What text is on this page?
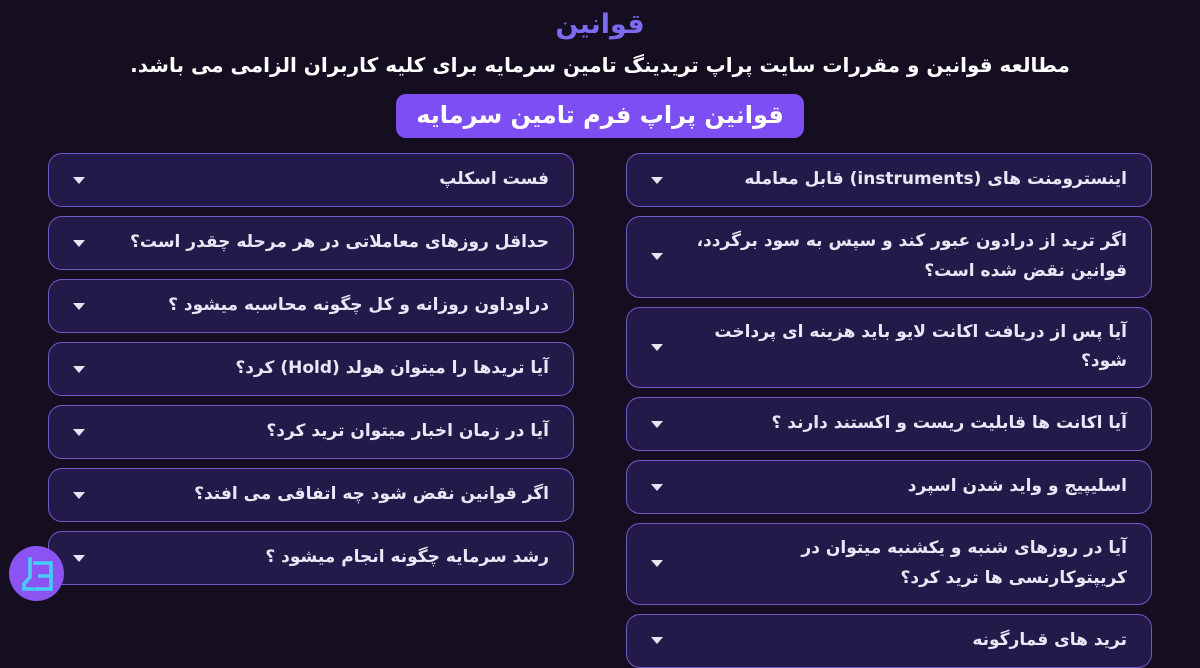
قوانین

مطالعه قوانین و مقررات سایت پراپ تریدینگ تامین سرمایه برای کلیه کاربران الزامی می باشد.

قوانین پراپ فرم تامین سرمایه
اینسترومنت های (instruments) قابل معامله
اگر ترید از درادون عبور کند و سپس به سود برگردد، قوانین نقض شده است؟
آیا پس از دریافت اکانت لایو باید هزینه ای پرداخت شود؟
آیا اکانت ها قابلیت ریست و اکستند دارند ؟
اسلیپیج و واید شدن اسپرد
آیا در روزهای شنبه و یکشنبه میتوان در کریپتوکارنسی ها ترید کرد؟
ترید های قمارگونه
فست اسکلپ
حداقل روزهای معاملاتی در هر مرحله چقدر است؟
دراوداون روزانه و کل چگونه محاسبه میشود ؟
آیا تریدها را میتوان هولد (Hold) کرد؟
آیا در زمان اخبار میتوان ترید کرد؟
اگر قوانین نقض شود چه اتفاقی می افتد؟
رشد سرمایه چگونه انجام میشود ؟
